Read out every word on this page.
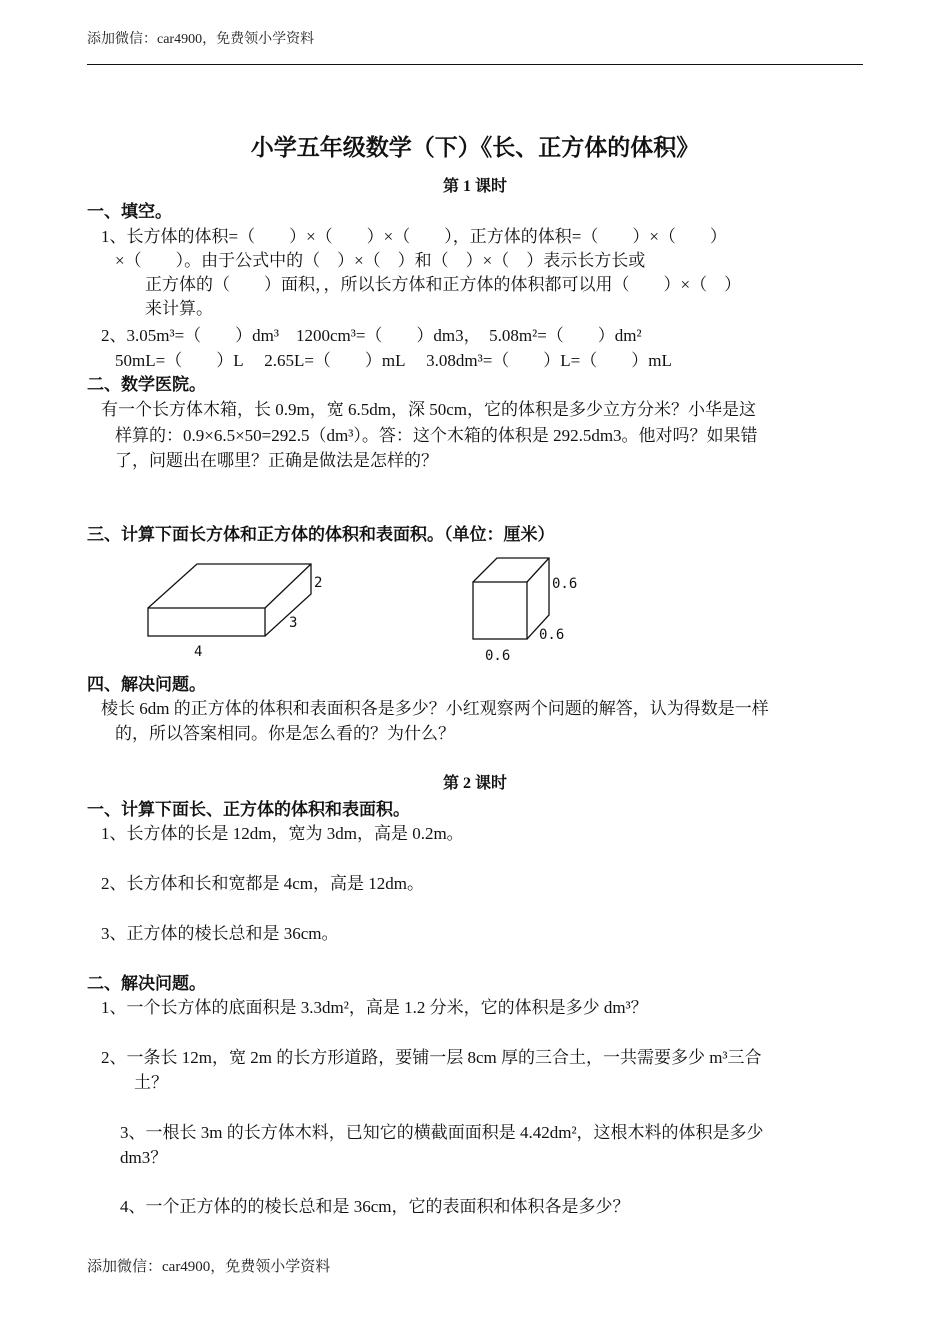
添加微信：car4900，免费领小学资料
小学五年级数学（下）《长、正方体的体积》
第 1 课时
一、填空。
1、长方体的体积=（　　）×（　　）×（　　），正方体的体积=（　　）×（　　）
×（　　）。由于公式中的（　）×（　）和（　）×（　）表示长方长或
正方体的（　　）面积，，所以长方体和正方体的体积都可以用（　　）×（　）
来计算。
2、3.05m³=（　　）dm³　1200cm³=（　　）dm3，　5.08m²=（　　）dm²
50mL=（　　）L　 2.65L=（　　）mL　 3.08dm³=（　　）L=（　　）mL
二、数学医院。
有一个长方体木箱，长 0.9m，宽 6.5dm，深 50cm，它的体积是多少立方分米？小华是这
样算的：0.9×6.5×50=292.5（dm³）。答：这个木箱的体积是 292.5dm3。他对吗？如果错
了，问题出在哪里？正确是做法是怎样的？
三、计算下面长方体和正方体的体积和表面积。（单位：厘米）
2
3
4
0.6
0.6
0.6
四、解决问题。
棱长 6dm 的正方体的体积和表面积各是多少？小红观察两个问题的解答，认为得数是一样
的，所以答案相同。你是怎么看的？为什么？
第 2 课时
一、计算下面长、正方体的体积和表面积。
1、长方体的长是 12dm，宽为 3dm，高是 0.2m。
2、长方体和长和宽都是 4cm，高是 12dm。
3、正方体的棱长总和是 36cm。
二、解决问题。
1、一个长方体的底面积是 3.3dm²，高是 1.2 分米，它的体积是多少 dm³？
2、一条长 12m，宽 2m 的长方形道路，要铺一层 8cm 厚的三合土，一共需要多少 m³三合
土？
3、一根长 3m 的长方体木料，已知它的横截面面积是 4.42dm²，这根木料的体积是多少
dm3？
4、一个正方体的的棱长总和是 36cm，它的表面积和体积各是多少？
添加微信：car4900，免费领小学资料
